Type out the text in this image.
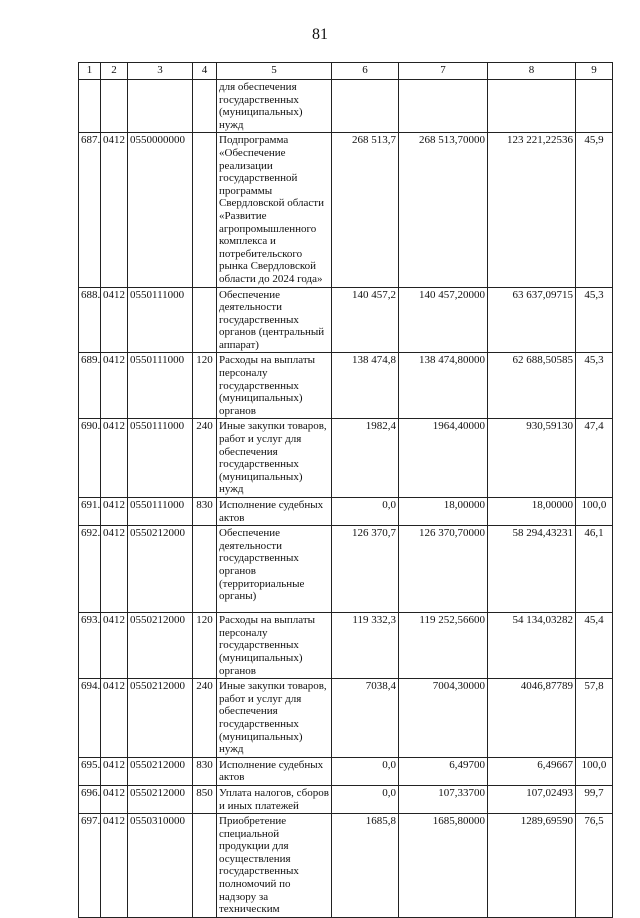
81
1	2	3	4	5	6	7	8	9
				для обеспечения государственных (муниципальных) нужд				
687.	0412	0550000000		Подпрограмма «Обеспечение реализации государственной программы Свердловской области «Развитие агропромышленного комплекса и потребительского рынка Свердловской области до 2024 года»	268 513,7	268 513,70000	123 221,22536	45,9
688.	0412	0550111000		Обеспечение деятельности государственных органов (центральный аппарат)	140 457,2	140 457,20000	63 637,09715	45,3
689.	0412	0550111000	120	Расходы на выплаты персоналу государственных (муниципальных) органов	138 474,8	138 474,80000	62 688,50585	45,3
690.	0412	0550111000	240	Иные закупки товаров, работ и услуг для обеспечения государственных (муниципальных) нужд	1982,4	1964,40000	930,59130	47,4
691.	0412	0550111000	830	Исполнение судебных актов	0,0	18,00000	18,00000	100,0
692.	0412	0550212000		Обеспечение деятельности государственных органов (территориальные органы)	126 370,7	126 370,70000	58 294,43231	46,1
693.	0412	0550212000	120	Расходы на выплаты персоналу государственных (муниципальных) органов	119 332,3	119 252,56600	54 134,03282	45,4
694.	0412	0550212000	240	Иные закупки товаров, работ и услуг для обеспечения государственных (муниципальных) нужд	7038,4	7004,30000	4046,87789	57,8
695.	0412	0550212000	830	Исполнение судебных актов	0,0	6,49700	6,49667	100,0
696.	0412	0550212000	850	Уплата налогов, сборов и иных платежей	0,0	107,33700	107,02493	99,7
697.	0412	0550310000		Приобретение специальной продукции для осуществления государственных полномочий по надзору за техническим	1685,8	1685,80000	1289,69590	76,5
